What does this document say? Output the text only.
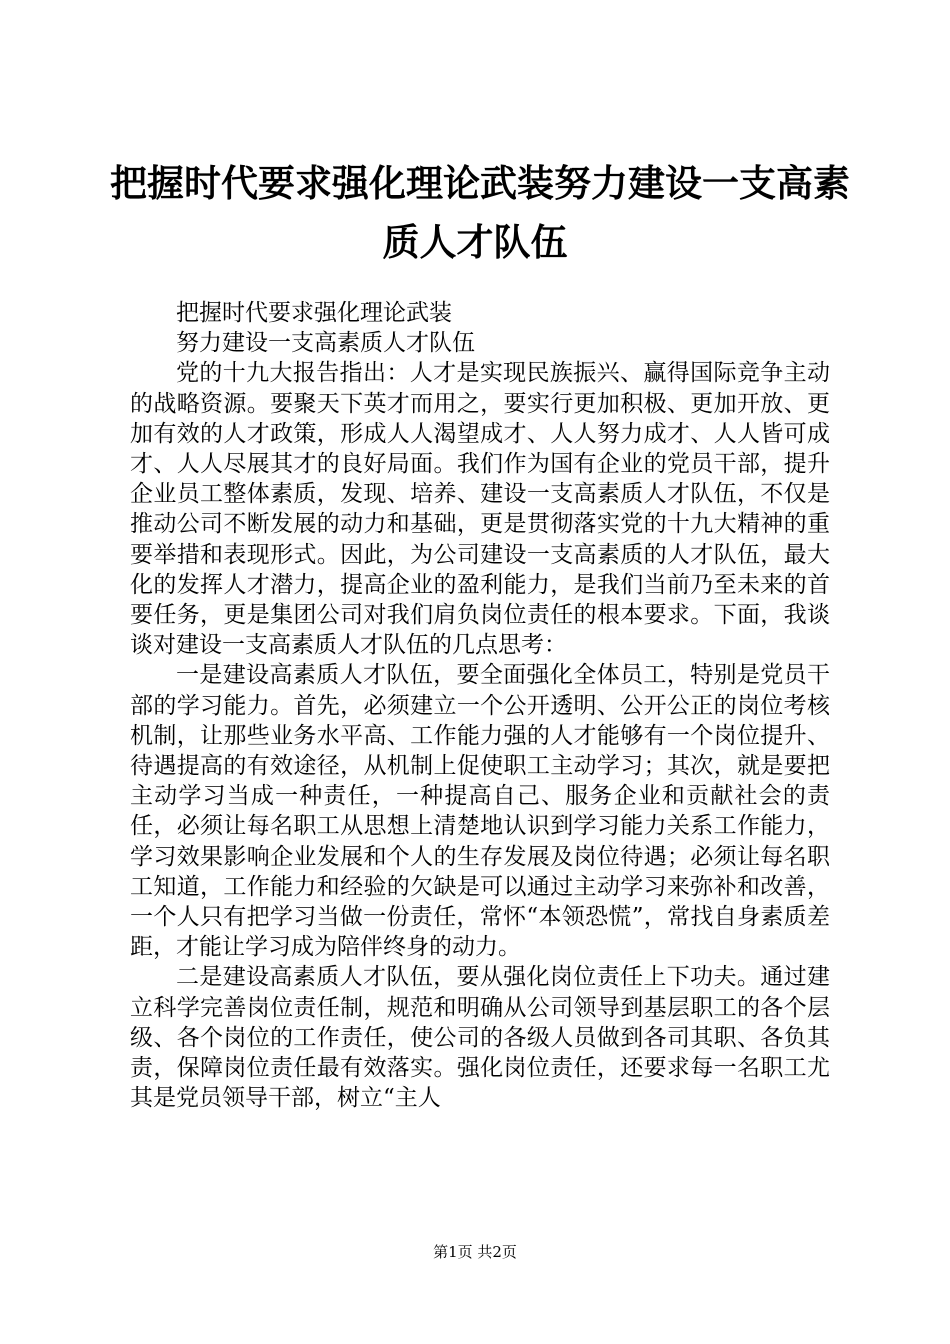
把握时代要求强化理论武装努力建设一支高素
质人才队伍

把握时代要求强化理论武装

努力建设一支高素质人才队伍

党的十九大报告指出：人才是实现民族振兴、赢得国际竞争主动的战略资源。要聚天下英才而用之，要实行更加积极、更加开放、更加有效的人才政策，形成人人渴望成才、人人努力成才、人人皆可成才、人人尽展其才的良好局面。我们作为国有企业的党员干部，提升企业员工整体素质，发现、培养、建设一支高素质人才队伍，不仅是推动公司不断发展的动力和基础，更是贯彻落实党的十九大精神的重要举措和表现形式。因此，为公司建设一支高素质的人才队伍，最大化的发挥人才潜力，提高企业的盈利能力，是我们当前乃至未来的首要任务，更是集团公司对我们肩负岗位责任的根本要求。下面，我谈谈对建设一支高素质人才队伍的几点思考：

一是建设高素质人才队伍，要全面强化全体员工，特别是党员干部的学习能力。首先，必须建立一个公开透明、公开公正的岗位考核机制，让那些业务水平高、工作能力强的人才能够有一个岗位提升、待遇提高的有效途径，从机制上促使职工主动学习；其次，就是要把主动学习当成一种责任，一种提高自己、服务企业和贡献社会的责任，必须让每名职工从思想上清楚地认识到学习能力关系工作能力，学习效果影响企业发展和个人的生存发展及岗位待遇；必须让每名职工知道，工作能力和经验的欠缺是可以通过主动学习来弥补和改善，一个人只有把学习当做一份责任，常怀“本领恐慌”，常找自身素质差距，才能让学习成为陪伴终身的动力。

二是建设高素质人才队伍，要从强化岗位责任上下功夫。通过建立科学完善岗位责任制，规范和明确从公司领导到基层职工的各个层级、各个岗位的工作责任，使公司的各级人员做到各司其职、各负其责，保障岗位责任最有效落实。强化岗位责任，还要求每一名职工尤其是党员领导干部，树立“主人

第1页 共2页
